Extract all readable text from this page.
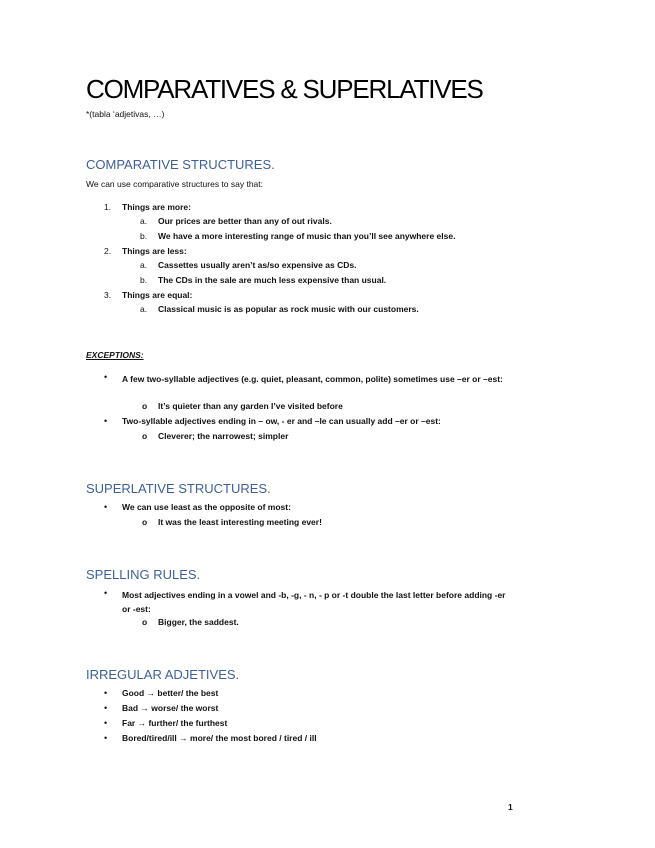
COMPARATIVES & SUPERLATIVES
*(tabla ‘adjetivas, …)
COMPARATIVE STRUCTURES.
We can use comparative structures to say that:
1. Things are more:
a. Our prices are better than any of out rivals.
b. We have a more interesting range of music than you’ll see anywhere else.
2. Things are less:
a. Cassettes usually aren’t as/so expensive as CDs.
b. The CDs in the sale are much less expensive than usual.
3. Things are equal:
a. Classical music is as popular as rock music with our customers.
EXCEPTIONS:
• A few two-syllable adjectives (e.g. quiet, pleasant, common, polite) sometimes use –er or –est:
o It’s quieter than any garden I’ve visited before
• Two-syllable adjectives ending in – ow, - er and –le can usually add –er or –est:
o Cleverer; the narrowest; simpler
SUPERLATIVE STRUCTURES.
• We can use least as the opposite of most:
o It was the least interesting meeting ever!
SPELLING RULES.
• Most adjectives ending in a vowel and -b, -g, - n, - p or -t double the last letter before adding -er or -est:
o Bigger, the saddest.
IRREGULAR ADJETIVES.
• Good → better/ the best
• Bad → worse/ the worst
• Far → further/ the furthest
• Bored/tired/ill → more/ the most bored / tired / ill
1
